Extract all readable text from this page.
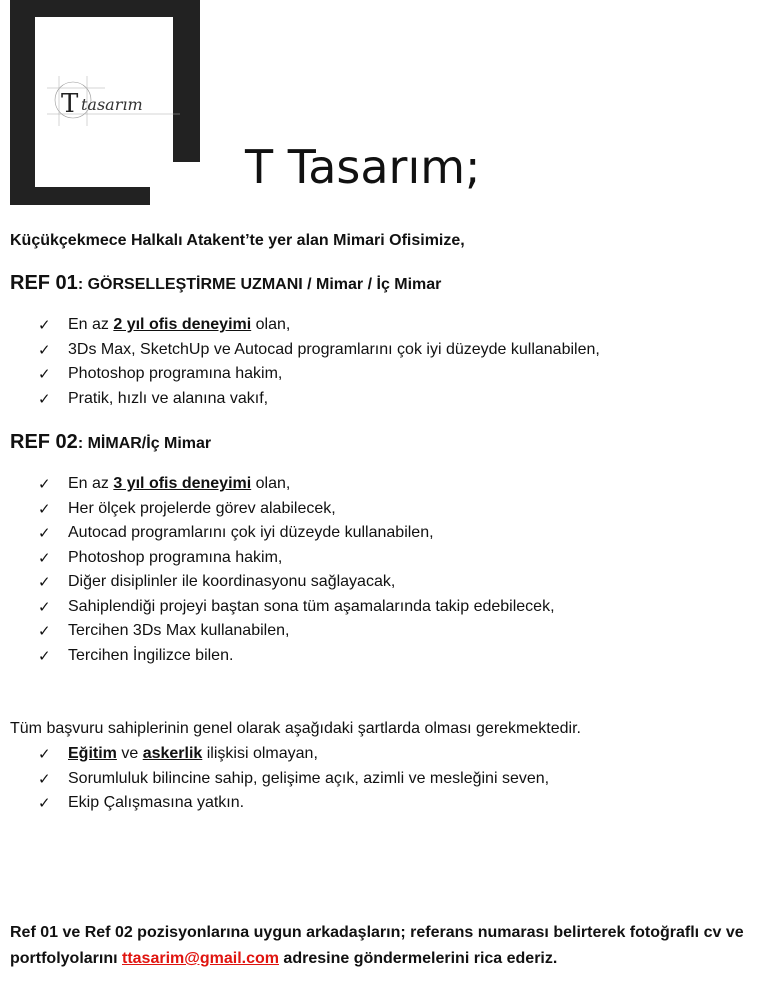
T tasarım
T Tasarım;

Küçükçekmece Halkalı Atakent’te yer alan Mimari Ofisimize,

REF 01: GÖRSELLEŞTİRME UZMANI / Mimar / İç Mimar

✓	En az 2 yıl ofis deneyimi olan,
✓	3Ds Max, SketchUp ve Autocad programlarını çok iyi düzeyde kullanabilen,
✓	Photoshop programına hakim,
✓	Pratik, hızlı ve alanına vakıf,

REF 02: MİMAR/İç Mimar

✓	En az 3 yıl ofis deneyimi olan,
✓	Her ölçek projelerde görev alabilecek,
✓	Autocad programlarını çok iyi düzeyde kullanabilen,
✓	Photoshop programına hakim,
✓	Diğer disiplinler ile koordinasyonu sağlayacak,
✓	Sahiplendiği projeyi baştan sona tüm aşamalarında takip edebilecek,
✓	Tercihen 3Ds Max kullanabilen,
✓	Tercihen İngilizce bilen.

Tüm başvuru sahiplerinin genel olarak aşağıdaki şartlarda olması gerekmektedir.

✓	Eğitim ve askerlik ilişkisi olmayan,
✓	Sorumluluk bilincine sahip, gelişime açık, azimli ve mesleğini seven,
✓	Ekip Çalışmasına yatkın.

Ref 01 ve Ref 02 pozisyonlarına uygun arkadaşların; referans numarası belirterek fotoğraflı cv ve portfolyolarını ttasarim@gmail.com adresine göndermelerini rica ederiz.
